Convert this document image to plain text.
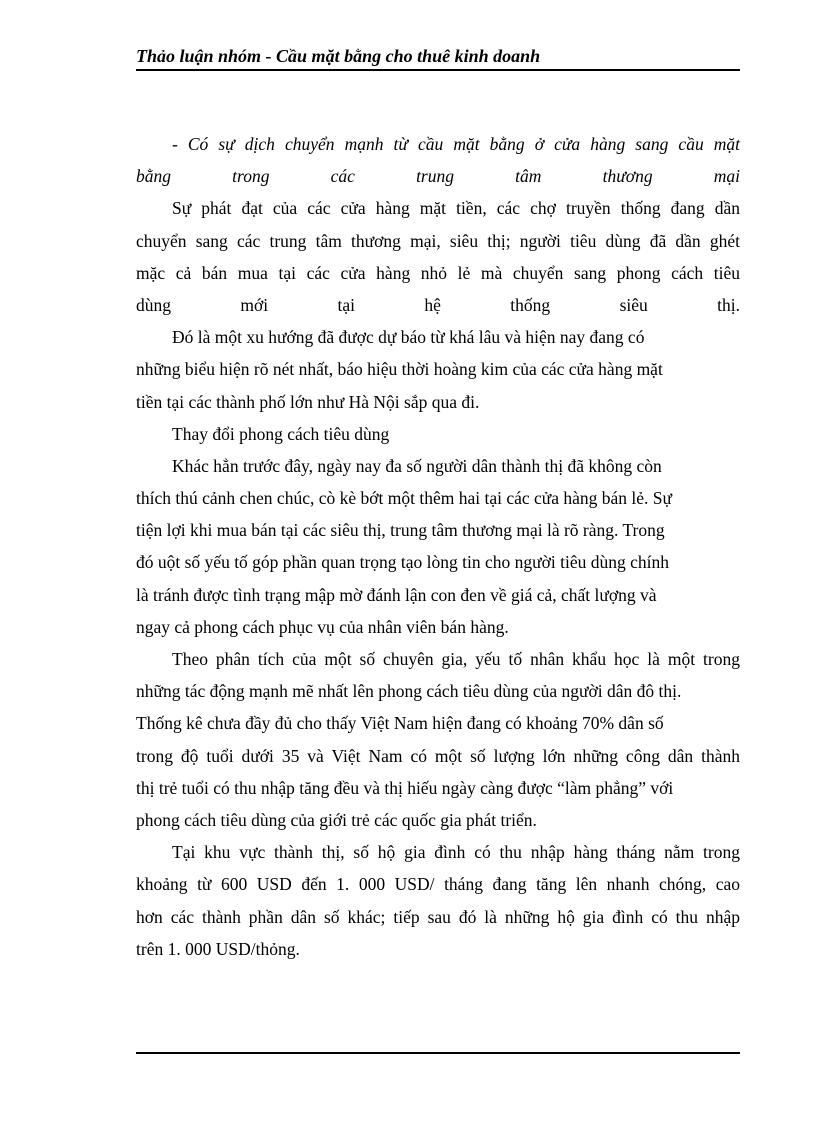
Thảo luận nhóm - Cầu mặt bằng cho thuê kinh doanh
- Có sự dịch chuyển mạnh từ cầu mặt bằng ở cửa hàng sang cầu mặt
bằng trong các trung tâm thương mại
Sự phát đạt của các cửa hàng mặt tiền, các chợ truyền thống đang dần
chuyển sang các trung tâm thương mại, siêu thị; người tiêu dùng đã dần ghét
mặc cả bán mua tại các cửa hàng nhỏ lẻ mà chuyển sang phong cách tiêu
dùng mới tại hệ thống siêu thị.
Đó là một xu hướng đã được dự báo từ khá lâu và hiện nay đang có
những biểu hiện rõ nét nhất, báo hiệu thời hoàng kim của các cửa hàng mặt
tiền tại các thành phố lớn như Hà Nội sắp qua đi.
Thay đổi phong cách tiêu dùng
Khác hẳn trước đây, ngày nay đa số người dân thành thị đã không còn
thích thú cảnh chen chúc, cò kè bớt một thêm hai tại các cửa hàng bán lẻ. Sự
tiện lợi khi mua bán tại các siêu thị, trung tâm thương mại là rõ ràng. Trong
đó uột số yếu tố góp phần quan trọng tạo lòng tin cho người tiêu dùng chính
là tránh được tình trạng mập mờ đánh lận con đen về giá cả, chất lượng và
ngay cả phong cách phục vụ của nhân viên bán hàng.
Theo phân tích của một số chuyên gia, yếu tố nhân khẩu học là một trong
những tác động mạnh mẽ nhất lên phong cách tiêu dùng của người dân đô thị.
Thống kê chưa đầy đủ cho thấy Việt Nam hiện đang có khoảng 70% dân số
trong độ tuổi dưới 35 và Việt Nam có một số lượng lớn những công dân thành
thị trẻ tuổi có thu nhập tăng đều và thị hiếu ngày càng được “làm phẳng” với
phong cách tiêu dùng của giới trẻ các quốc gia phát triển.
Tại khu vực thành thị, số hộ gia đình có thu nhập hàng tháng nằm trong
khoảng từ 600 USD đến 1. 000 USD/ tháng đang tăng lên nhanh chóng, cao
hơn các thành phần dân số khác; tiếp sau đó là những hộ gia đình có thu nhập
trên 1. 000 USD/thỏng.
